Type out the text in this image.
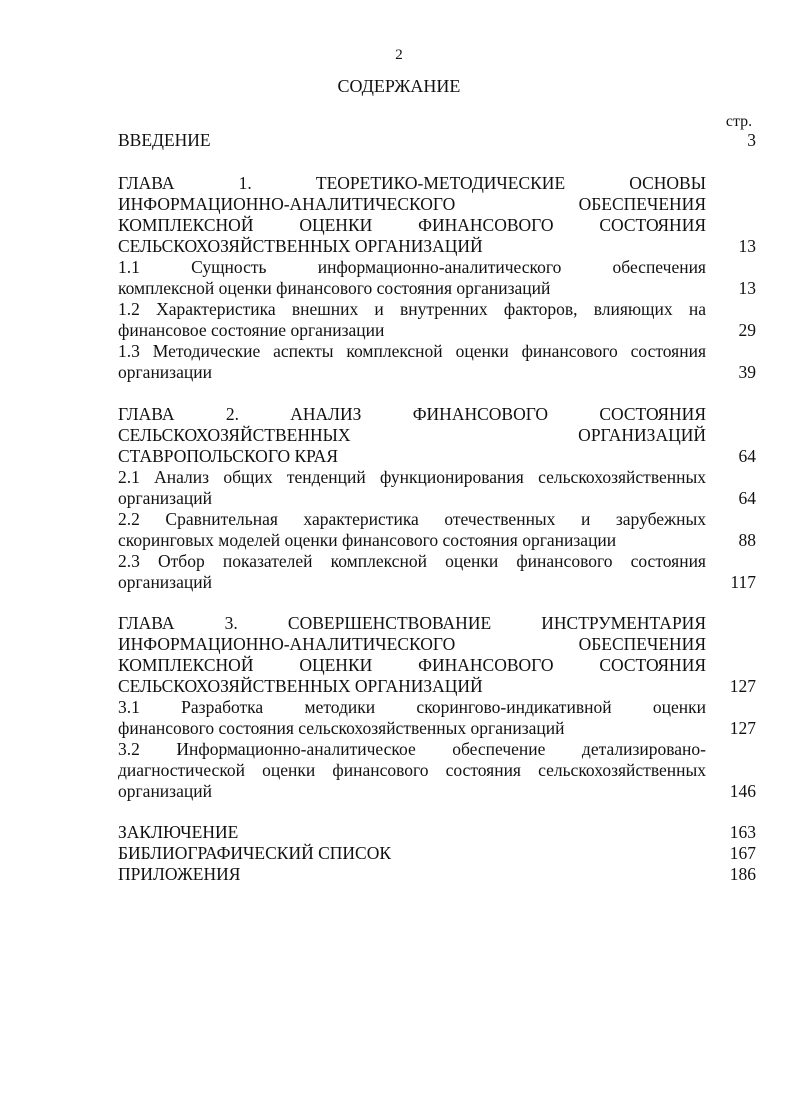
2
СОДЕРЖАНИЕ
стр.
ВВЕДЕНИЕ	3
ГЛАВА 1. ТЕОРЕТИКО-МЕТОДИЧЕСКИЕ ОСНОВЫ
ИНФОРМАЦИОННО-АНАЛИТИЧЕСКОГО ОБЕСПЕЧЕНИЯ
КОМПЛЕКСНОЙ ОЦЕНКИ ФИНАНСОВОГО СОСТОЯНИЯ
СЕЛЬСКОХОЗЯЙСТВЕННЫХ ОРГАНИЗАЦИЙ	13
1.1 Сущность информационно-аналитического обеспечения
комплексной оценки финансового состояния организаций	13
1.2 Характеристика внешних и внутренних факторов, влияющих на
финансовое состояние организации	29
1.3 Методические аспекты комплексной оценки финансового состояния
организации	39
ГЛАВА 2. АНАЛИЗ ФИНАНСОВОГО СОСТОЯНИЯ
СЕЛЬСКОХОЗЯЙСТВЕННЫХ ОРГАНИЗАЦИЙ
СТАВРОПОЛЬСКОГО КРАЯ	64
2.1 Анализ общих тенденций функционирования сельскохозяйственных
организаций	64
2.2 Сравнительная характеристика отечественных и зарубежных
скоринговых моделей оценки финансового состояния организации	88
2.3 Отбор показателей комплексной оценки финансового состояния
организаций	117
ГЛАВА 3. СОВЕРШЕНСТВОВАНИЕ ИНСТРУМЕНТАРИЯ
ИНФОРМАЦИОННО-АНАЛИТИЧЕСКОГО ОБЕСПЕЧЕНИЯ
КОМПЛЕКСНОЙ ОЦЕНКИ ФИНАНСОВОГО СОСТОЯНИЯ
СЕЛЬСКОХОЗЯЙСТВЕННЫХ ОРГАНИЗАЦИЙ	127
3.1 Разработка методики скорингово-индикативной оценки
финансового состояния сельскохозяйственных организаций	127
3.2 Информационно-аналитическое обеспечение детализировано-
диагностической оценки финансового состояния сельскохозяйственных
организаций	146
ЗАКЛЮЧЕНИЕ	163
БИБЛИОГРАФИЧЕСКИЙ СПИСОК	167
ПРИЛОЖЕНИЯ	186
